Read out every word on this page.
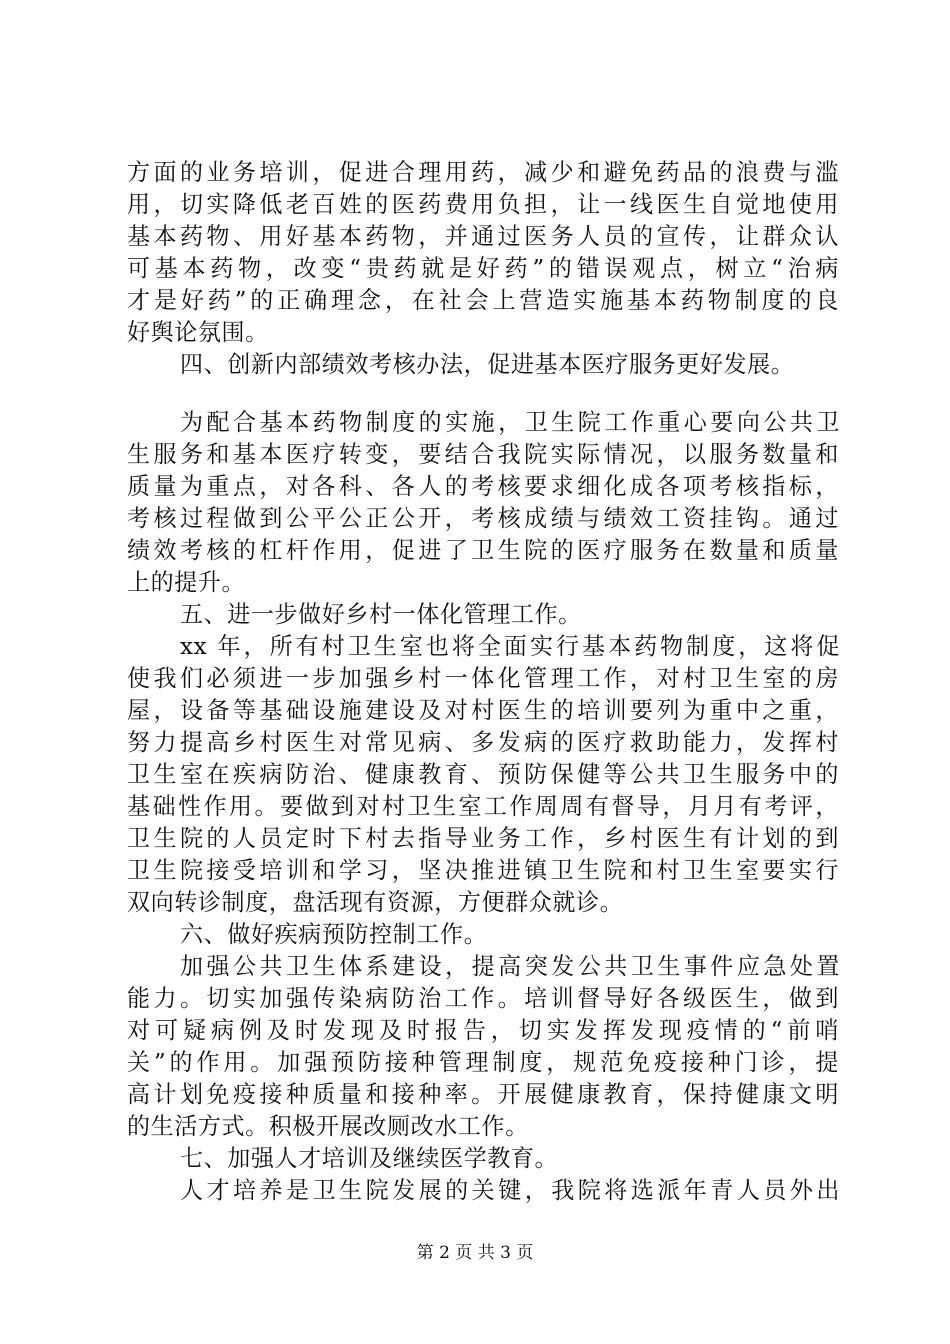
方面的业务培训，促进合理用药，减少和避免药品的浪费与滥
用，切实降低老百姓的医药费用负担，让一线医生自觉地使用
基本药物、用好基本药物，并通过医务人员的宣传，让群众认
可基本药物，改变“贵药就是好药”的错误观点，树立“治病
才是好药”的正确理念，在社会上营造实施基本药物制度的良
好舆论氛围。
四、创新内部绩效考核办法，促进基本医疗服务更好发展。
为配合基本药物制度的实施，卫生院工作重心要向公共卫
生服务和基本医疗转变，要结合我院实际情况，以服务数量和
质量为重点，对各科、各人的考核要求细化成各项考核指标，
考核过程做到公平公正公开，考核成绩与绩效工资挂钩。通过
绩效考核的杠杆作用，促进了卫生院的医疗服务在数量和质量
上的提升。
五、进一步做好乡村一体化管理工作。
xx 年，所有村卫生室也将全面实行基本药物制度，这将促
使我们必须进一步加强乡村一体化管理工作，对村卫生室的房
屋，设备等基础设施建设及对村医生的培训要列为重中之重，
努力提高乡村医生对常见病、多发病的医疗救助能力，发挥村
卫生室在疾病防治、健康教育、预防保健等公共卫生服务中的
基础性作用。要做到对村卫生室工作周周有督导，月月有考评，
卫生院的人员定时下村去指导业务工作，乡村医生有计划的到
卫生院接受培训和学习，坚决推进镇卫生院和村卫生室要实行
双向转诊制度，盘活现有资源，方便群众就诊。
六、做好疾病预防控制工作。
加强公共卫生体系建设，提高突发公共卫生事件应急处置
能力。切实加强传染病防治工作。培训督导好各级医生，做到
对可疑病例及时发现及时报告，切实发挥发现疫情的“前哨
关”的作用。加强预防接种管理制度，规范免疫接种门诊，提
高计划免疫接种质量和接种率。开展健康教育，保持健康文明
的生活方式。积极开展改厕改水工作。
七、加强人才培训及继续医学教育。
人才培养是卫生院发展的关键，我院将选派年青人员外出
第 2 页 共 3 页
